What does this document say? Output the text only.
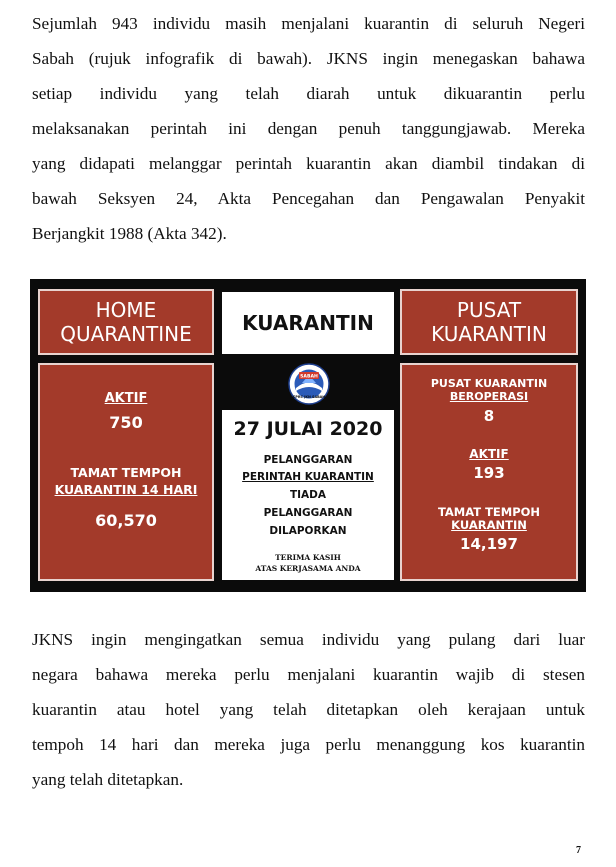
Sejumlah 943 individu masih menjalani kuarantin di seluruh Negeri
Sabah (rujuk infografik di bawah). JKNS ingin menegaskan bahawa
setiap individu yang telah diarah untuk dikuarantin perlu
melaksanakan perintah ini dengan penuh tanggungjawab. Mereka
yang didapati melanggar perintah kuarantin akan diambil tindakan di
bawah Seksyen 24, Akta Pencegahan dan Pengawalan Penyakit
Berjangkit 1988 (Akta 342).
HOME
QUARANTINE	KUARANTIN
PUSAT
KUARANTIN
AKTIF
750
TAMAT TEMPOH
KUARANTIN 14 HARI
60,570
SABAH
CPRC JKN SABAH
27 JULAI 2020
PELANGGARAN
PERINTAH KUARANTIN
TIADA
PELANGGARAN
DILAPORKAN
TERIMA KASIH
ATAS KERJASAMA ANDA
PUSAT KUARANTIN
BEROPERASI
8
AKTIF
193
TAMAT TEMPOH
KUARANTIN
14,197
JKNS ingin mengingatkan semua individu yang pulang dari luar
negara bahawa mereka perlu menjalani kuarantin wajib di stesen
kuarantin atau hotel yang telah ditetapkan oleh kerajaan untuk
tempoh 14 hari dan mereka juga perlu menanggung kos kuarantin
yang telah ditetapkan.
7
